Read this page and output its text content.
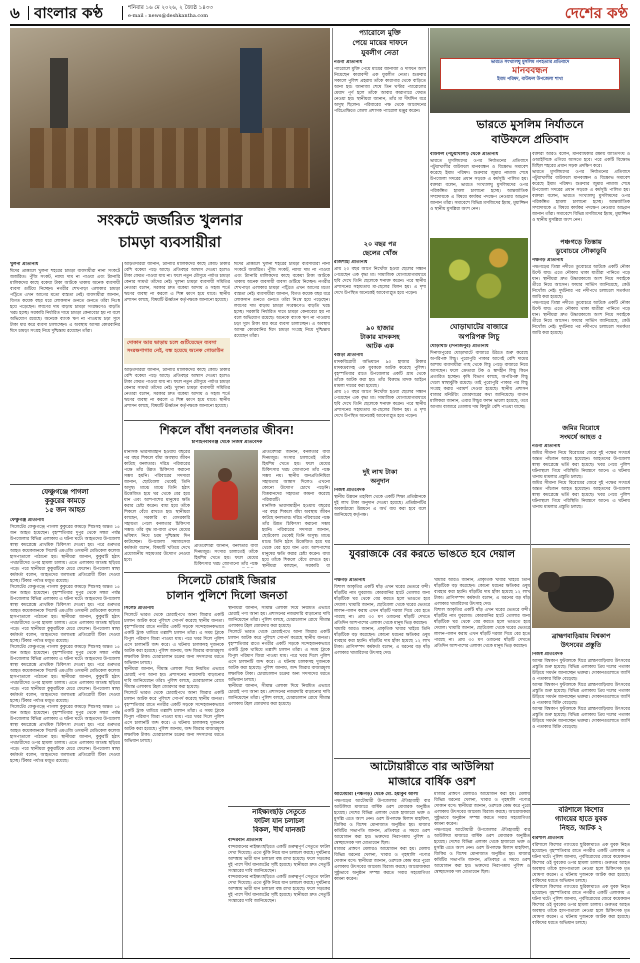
৬ বাংলার কণ্ঠ	শনিবার ১৬ মে ২০২৬, ২ জ্যৈষ্ঠ ১৪৩৩
e-mail : news@deshkantha.com	দেশের কণ্ঠ
সংকটে জর্জরিত খুলনার
চামড়া ব্যবসায়ীরা
খুলনা প্রতিনিধি
ঈদের প্রাক্কালে খুলনা শহরের চামড়া ব্যবসায়ীরা নানা সংকটে জর্জরিত। পুঁজি সংকট, ন্যায্য দাম না পাওয়া এবং ট্যানারি মালিকদের কাছে বকেয়া টাকা আটকে থাকায় অনেক ব্যবসায়ী ব্যবসা গুটিয়ে নিচ্ছেন। নগরীর শেখপাড়া এলাকার চামড়া পট্টিতে এখন আগের মতো ব্যস্ততা নেই। ব্যবসায়ীরা জানান, বিগত কয়েক বছর ধরে লোকসান গুনতে গুনতে তাঁরা নিঃস্ব হয়ে পড়েছেন। লবণের দাম বাড়ায় চামড়া সংরক্ষণেও বাড়তি খরচ হচ্ছে। সরকারি নির্ধারিত দামে চামড়া কেনাবেচা হয় না বলে অভিযোগ রয়েছে। অনেকে ব্যাংক ঋণ না পাওয়ায় চড়া সুদে টাকা ধার করে ব্যবসা চালাচ্ছেন। এ অবস্থায় আসন্ন কোরবানির ঈদে চামড়া সংগ্রহ নিয়ে দুশ্চিন্তায় রয়েছেন তাঁরা।
আড়তদাররা জানান, ট্যানারি মালিকদের কাছে কোটি টাকার বেশি বকেয়া পড়ে আছে। প্রতিবছর আশ্বাস দেওয়া হলেও টাকা ফেরত পাওয়া যায় না। ফলে নতুন মৌসুমে পর্যাপ্ত চামড়া কেনার সামর্থ্য তাঁদের নেই। খুলনা চামড়া ব্যবসায়ী সমিতির নেতারা বলেন, সরকার দ্রুত বকেয়া আদায় ও সহজ শর্তে ঋণের ব্যবস্থা না করলে এ শিল্প ধ্বংস হয়ে যাবে। স্থানীয় প্রশাসন বলছে, বিষয়টি ঊর্ধ্বতন কর্তৃপক্ষকে জানানো হয়েছে।
দোকান আর ভাড়ায় চলে গুটিয়েছেন ব্যবসা
সংরক্ষণাগার নেই, বন্ধ হয়েছে অনেক গোডাউন
আড়তদাররা জানান, ট্যানারি মালিকদের কাছে কোটি টাকার বেশি বকেয়া পড়ে আছে। প্রতিবছর আশ্বাস দেওয়া হলেও টাকা ফেরত পাওয়া যায় না। ফলে নতুন মৌসুমে পর্যাপ্ত চামড়া কেনার সামর্থ্য তাঁদের নেই। খুলনা চামড়া ব্যবসায়ী সমিতির নেতারা বলেন, সরকার দ্রুত বকেয়া আদায় ও সহজ শর্তে ঋণের ব্যবস্থা না করলে এ শিল্প ধ্বংস হয়ে যাবে। স্থানীয় প্রশাসন বলছে, বিষয়টি ঊর্ধ্বতন কর্তৃপক্ষকে জানানো হয়েছে।
ঈদের প্রাক্কালে খুলনা শহরের চামড়া ব্যবসায়ীরা নানা সংকটে জর্জরিত। পুঁজি সংকট, ন্যায্য দাম না পাওয়া এবং ট্যানারি মালিকদের কাছে বকেয়া টাকা আটকে থাকায় অনেক ব্যবসায়ী ব্যবসা গুটিয়ে নিচ্ছেন। নগরীর শেখপাড়া এলাকার চামড়া পট্টিতে এখন আগের মতো ব্যস্ততা নেই। ব্যবসায়ীরা জানান, বিগত কয়েক বছর ধরে লোকসান গুনতে গুনতে তাঁরা নিঃস্ব হয়ে পড়েছেন। লবণের দাম বাড়ায় চামড়া সংরক্ষণেও বাড়তি খরচ হচ্ছে। সরকারি নির্ধারিত দামে চামড়া কেনাবেচা হয় না বলে অভিযোগ রয়েছে। অনেকে ব্যাংক ঋণ না পাওয়ায় চড়া সুদে টাকা ধার করে ব্যবসা চালাচ্ছেন। এ অবস্থায় আসন্ন কোরবানির ঈদে চামড়া সংগ্রহ নিয়ে দুশ্চিন্তায় রয়েছেন তাঁরা।
প্যারোলে মুক্তি
পেয়ে মায়ের দাফনে
যুবলীগ নেতা
নওগাঁ প্রতিনিধি
প্যারোলে মুক্তি পেয়ে মায়ের জানাজা ও দাফনে অংশ নিয়েছেন কারাবন্দী এক যুবলীগ নেতা। শুক্রবার সকালে পুলিশ প্রহরায় তাঁকে কারাগার থেকে বাড়িতে আনা হয়। জানাজা শেষে তিন ঘণ্টার প্যারোলের মেয়াদ পূর্ণ হলে তাঁকে আবার কারাগারে ফেরত নেওয়া হয়। স্থানীয়রা জানান, তাঁর মা দীর্ঘদিন ধরে অসুস্থ ছিলেন। পরিবারের পক্ষ থেকে আবেদনের পরিপ্রেক্ষিতে জেলা প্রশাসক প্যারোল মঞ্জুর করেন।
ভারতে সংখ্যালঘু মুসলিম গণহত্যার প্রতিবাদে
মানববন্ধন
ইমাম পরিষদ, বাউফল উপজেলা শাখা
ভারতে মুসলিম নির্যাতনে
বাউফলে প্রতিবাদ
বাউফল (পটুয়াখালী) থেকে প্রতিনিধি
ভারতে মুসলিমদের ওপর নির্যাতনের প্রতিবাদে পটুয়াখালীর বাউফলে মানববন্ধন ও বিক্ষোভ সমাবেশ করেছে ইমাম পরিষদ। শুক্রবার জুমার নামাজ শেষে উপজেলা সদরের প্রধান সড়কে এ কর্মসূচি পালিত হয়। বক্তারা বলেন, ভারতে সংখ্যালঘু মুসলিমদের ওপর পরিকল্পিত হামলা চালানো হচ্ছে। আন্তর্জাতিক সম্প্রদায়কে এ বিষয়ে কার্যকর পদক্ষেপ নেওয়ার আহ্বান জানান তাঁরা। সমাবেশে বিভিন্ন মসজিদের ইমাম, মুয়াজ্জিন ও স্থানীয় মুসল্লিরা অংশ নেন।
বক্তারা আরও বলেন, মানবাধিকার রক্ষায় জাতিসংঘ ও ওআইসিকে এগিয়ে আসতে হবে। পরে একটি বিক্ষোভ মিছিল শহরের প্রধান সড়ক প্রদক্ষিণ করে।
ভারতে মুসলিমদের ওপর নির্যাতনের প্রতিবাদে পটুয়াখালীর বাউফলে মানববন্ধন ও বিক্ষোভ সমাবেশ করেছে ইমাম পরিষদ। শুক্রবার জুমার নামাজ শেষে উপজেলা সদরের প্রধান সড়কে এ কর্মসূচি পালিত হয়। বক্তারা বলেন, ভারতে সংখ্যালঘু মুসলিমদের ওপর পরিকল্পিত হামলা চালানো হচ্ছে। আন্তর্জাতিক সম্প্রদায়কে এ বিষয়ে কার্যকর পদক্ষেপ নেওয়ার আহ্বান জানান তাঁরা। সমাবেশে বিভিন্ন মসজিদের ইমাম, মুয়াজ্জিন ও স্থানীয় মুসল্লিরা অংশ নেন।
পঞ্চগড়ে তিস্তায়
ডুবোচরে নৌকাডুবি
পঞ্চগড় প্রতিনিধি
পঞ্চগড়ের তিস্তা নদীতে ডুবোচরে আটকে একটি নৌকা উল্টে যায়। এতে নৌকায় থাকা যাত্রীরা পানিতে পড়ে যান। স্থানীয়রা দ্রুত উদ্ধারকাজে অংশ নিয়ে সবাইকে তীরে নিয়ে আসেন। ফায়ার সার্ভিস জানিয়েছে, কেউ নিখোঁজ নেই। দুর্ঘটনার পর নদীপথে চলাচলে সতর্কতা জারি করা হয়েছে।
পঞ্চগড়ের তিস্তা নদীতে ডুবোচরে আটকে একটি নৌকা উল্টে যায়। এতে নৌকায় থাকা যাত্রীরা পানিতে পড়ে যান। স্থানীয়রা দ্রুত উদ্ধারকাজে অংশ নিয়ে সবাইকে তীরে নিয়ে আসেন। ফায়ার সার্ভিস জানিয়েছে, কেউ নিখোঁজ নেই। দুর্ঘটনার পর নদীপথে চলাচলে সতর্কতা জারি করা হয়েছে।
২০ বছর পর
ছেলের খোঁজ
রাজশাহী প্রতিনিধি
প্রায় ২০ বছর আগে নিখোঁজ হওয়া ছেলের সন্ধান পেয়েছেন এক বৃদ্ধা মা। সামাজিক যোগাযোগমাধ্যমে ছবি দেখে তিনি ছেলেকে শনাক্ত করেন। পরে স্থানীয় প্রশাসনের সহায়তায় মা-ছেলের মিলন হয়। এ দৃশ্য দেখে উপস্থিত অনেকেই আবেগাপ্লুত হয়ে পড়েন।
ঘোড়াঘাটের বাজারে
অপরিপক্ব লিচু
ঘোড়াঘাট (দিনাজপুর) প্রতিনিধি
দিনাজপুরের ঘোড়াঘাটে বাজারে উঠতে শুরু করেছে অপরিপক্ব লিচু। পুরোপুরি পাকার আগেই বেশি দামের আশায় ব্যবসায়ীরা গাছ থেকে লিচু পেড়ে বাজারে নিয়ে আসছেন। ফলে ক্রেতারা টক ও স্বাদহীন লিচু কিনে প্রতারিত হচ্ছেন। কৃষি বিভাগ বলছে, অপরিপক্ব লিচু খেলে স্বাস্থ্যঝুঁকি রয়েছে। তাই পুরোপুরি পাকার পর লিচু সংগ্রহ করার পরামর্শ দেওয়া হয়েছে। স্থানীয় প্রশাসন বাজার মনিটরিং জোরদারের কথা জানিয়েছে। বাগান মালিকরা জানান, এবার লিচুর ফলন ভালো হয়েছে, তবে আগাম বাজারে তোলায় দাম কিছুটা বেশি পাওয়া যাচ্ছে।
৯০ হাজার
টাকার মাদকসহ
আটক এক
বগুড়া প্রতিনিধি
মাদকবিরোধী অভিযানে ৯০ হাজার টাকার মাদকদ্রব্যসহ এক যুবককে আটক করেছে পুলিশ। বৃহস্পতিবার রাতে উপজেলার একটি গ্রাম থেকে তাঁকে আটক করা হয়। তাঁর বিরুদ্ধে মাদক আইনে মামলা দায়ের করা হয়েছে।
প্রায় ২০ বছর আগে নিখোঁজ হওয়া ছেলের সন্ধান পেয়েছেন এক বৃদ্ধা মা। সামাজিক যোগাযোগমাধ্যমে ছবি দেখে তিনি ছেলেকে শনাক্ত করেন। পরে স্থানীয় প্রশাসনের সহায়তায় মা-ছেলের মিলন হয়। এ দৃশ্য দেখে উপস্থিত অনেকেই আবেগাপ্লুত হয়ে পড়েন।
দুই লাখ টাকা
অনুদান
নিজস্ব প্রতিবেদক
স্থানীয় উন্নয়ন তহবিল থেকে একটি শিক্ষা প্রতিষ্ঠানকে দুই লাখ টাকা অনুদান দেওয়া হয়েছে। প্রতিষ্ঠানটির অবকাঠামো উন্নয়নে এ অর্থ ব্যয় করা হবে বলে জানিয়েছে কর্তৃপক্ষ।
জমির বিরোধে
সংঘর্ষে আহত ৫
নওগাঁ প্রতিনিধি
জমির সীমানা নিয়ে বিরোধের জেরে দুই পক্ষের সংঘর্ষে অন্তত পাঁচজন আহত হয়েছেন। আহতদের উপজেলা স্বাস্থ্য কমপ্লেক্সে ভর্তি করা হয়েছে। খবর পেয়ে পুলিশ ঘটনাস্থলে গিয়ে পরিস্থিতি নিয়ন্ত্রণে আনে। এ ঘটনায় থানায় মামলার প্রস্তুতি চলছে।
জমির সীমানা নিয়ে বিরোধের জেরে দুই পক্ষের সংঘর্ষে অন্তত পাঁচজন আহত হয়েছেন। আহতদের উপজেলা স্বাস্থ্য কমপ্লেক্সে ভর্তি করা হয়েছে। খবর পেয়ে পুলিশ ঘটনাস্থলে গিয়ে পরিস্থিতি নিয়ন্ত্রণে আনে। এ ঘটনায় থানায় মামলার প্রস্তুতি চলছে।
ফেঞ্চুগঞ্জে পাগলা
কুকুরের কামড়ে
১৫ জন আহত
ফেঞ্চুগঞ্জ প্রতিনিধি
সিলেটের ফেঞ্চুগঞ্জে পাগলা কুকুরের কামড়ে শিশুসহ অন্তত ১৫ জন আহত হয়েছেন। বৃহস্পতিবার দুপুর থেকে সন্ধ্যা পর্যন্ত উপজেলার বিভিন্ন এলাকায় এ ঘটনা ঘটে। আহতদের উপজেলা স্বাস্থ্য কমপ্লেক্সে প্রাথমিক চিকিৎসা দেওয়া হয়। পরে গুরুতর আহত কয়েকজনকে সিলেট এমএজি ওসমানী মেডিকেল কলেজ হাসপাতালে পাঠানো হয়। স্থানীয়রা জানান, কুকুরটি হঠাৎ পথচারীদের ওপর হামলা চালায়। এতে এলাকায় আতঙ্ক ছড়িয়ে পড়ে। পরে স্থানীয়রা কুকুরটিকে মেরে ফেলেন। উপজেলা স্বাস্থ্য কর্মকর্তা বলেন, আহতদের জলাতঙ্ক প্রতিরোধী টিকা দেওয়া হচ্ছে। টিকার পর্যাপ্ত মজুত রয়েছে।
সিলেটের ফেঞ্চুগঞ্জে পাগলা কুকুরের কামড়ে শিশুসহ অন্তত ১৫ জন আহত হয়েছেন। বৃহস্পতিবার দুপুর থেকে সন্ধ্যা পর্যন্ত উপজেলার বিভিন্ন এলাকায় এ ঘটনা ঘটে। আহতদের উপজেলা স্বাস্থ্য কমপ্লেক্সে প্রাথমিক চিকিৎসা দেওয়া হয়। পরে গুরুতর আহত কয়েকজনকে সিলেট এমএজি ওসমানী মেডিকেল কলেজ হাসপাতালে পাঠানো হয়। স্থানীয়রা জানান, কুকুরটি হঠাৎ পথচারীদের ওপর হামলা চালায়। এতে এলাকায় আতঙ্ক ছড়িয়ে পড়ে। পরে স্থানীয়রা কুকুরটিকে মেরে ফেলেন। উপজেলা স্বাস্থ্য কর্মকর্তা বলেন, আহতদের জলাতঙ্ক প্রতিরোধী টিকা দেওয়া হচ্ছে। টিকার পর্যাপ্ত মজুত রয়েছে।
সিলেটের ফেঞ্চুগঞ্জে পাগলা কুকুরের কামড়ে শিশুসহ অন্তত ১৫ জন আহত হয়েছেন। বৃহস্পতিবার দুপুর থেকে সন্ধ্যা পর্যন্ত উপজেলার বিভিন্ন এলাকায় এ ঘটনা ঘটে। আহতদের উপজেলা স্বাস্থ্য কমপ্লেক্সে প্রাথমিক চিকিৎসা দেওয়া হয়। পরে গুরুতর আহত কয়েকজনকে সিলেট এমএজি ওসমানী মেডিকেল কলেজ হাসপাতালে পাঠানো হয়। স্থানীয়রা জানান, কুকুরটি হঠাৎ পথচারীদের ওপর হামলা চালায়। এতে এলাকায় আতঙ্ক ছড়িয়ে পড়ে। পরে স্থানীয়রা কুকুরটিকে মেরে ফেলেন। উপজেলা স্বাস্থ্য কর্মকর্তা বলেন, আহতদের জলাতঙ্ক প্রতিরোধী টিকা দেওয়া হচ্ছে। টিকার পর্যাপ্ত মজুত রয়েছে।
সিলেটের ফেঞ্চুগঞ্জে পাগলা কুকুরের কামড়ে শিশুসহ অন্তত ১৫ জন আহত হয়েছেন। বৃহস্পতিবার দুপুর থেকে সন্ধ্যা পর্যন্ত উপজেলার বিভিন্ন এলাকায় এ ঘটনা ঘটে। আহতদের উপজেলা স্বাস্থ্য কমপ্লেক্সে প্রাথমিক চিকিৎসা দেওয়া হয়। পরে গুরুতর আহত কয়েকজনকে সিলেট এমএজি ওসমানী মেডিকেল কলেজ হাসপাতালে পাঠানো হয়। স্থানীয়রা জানান, কুকুরটি হঠাৎ পথচারীদের ওপর হামলা চালায়। এতে এলাকায় আতঙ্ক ছড়িয়ে পড়ে। পরে স্থানীয়রা কুকুরটিকে মেরে ফেলেন। উপজেলা স্বাস্থ্য কর্মকর্তা বলেন, আহতদের জলাতঙ্ক প্রতিরোধী টিকা দেওয়া হচ্ছে। টিকার পর্যাপ্ত মজুত রয়েছে।
শিকলে বাঁধা বনলতার জীবন!
চাঁপাইনবাবগঞ্জ থেকে নিজস্ব প্রতিবেদক
মানসিক ভারসাম্যহীন হওয়ায় বছরের পর বছর শিকলে বাঁধা অবস্থায় জীবন কাটছে বনলতার। দরিদ্র পরিবারের পক্ষে তাঁর উন্নত চিকিৎসা করানো সম্ভব হয়নি। পরিবারের সদস্যরা জানান, ছোটবেলা থেকেই তিনি অসুস্থ। মাঝে মাঝে তিনি হঠাৎ উত্তেজিত হয়ে ঘর থেকে বের হয়ে যান এবং আশপাশের মানুষের ক্ষতি করার চেষ্টা করেন। বাধ্য হয়ে তাঁকে শিকলে বেঁধে রাখতে হয়। স্থানীয়রা বলছেন, সরকারি বা বেসরকারি সহায়তা পেলে বনলতার চিকিৎসা সম্ভব। তাঁর বৃদ্ধ মা-বাবা এখন মেয়ের ভবিষ্যৎ নিয়ে চরম দুশ্চিন্তায় দিন কাটাচ্ছেন। উপজেলা সমাজসেবা কর্মকর্তা বলেন, বিষয়টি খতিয়ে দেখে প্রয়োজনীয় সহায়তার উদ্যোগ নেওয়া হবে।
প্রতিবেশীরা জানান, বনলতার বাবা দিনমজুর। সংসার চালাতেই তাঁকে হিমশিম খেতে হয়। ফলে মেয়ের চিকিৎসার খরচ জোগানো তাঁর পক্ষে সম্ভব নয়। স্থানীয় জনপ্রতিনিধিরা সহায়তার আশ্বাস দিলেও এখনো কোনো উদ্যোগ চোখে পড়েনি। বিত্তবানদের সহায়তা কামনা করেছে পরিবারটি।
মানসিক ভারসাম্যহীন হওয়ায় বছরের পর বছর শিকলে বাঁধা অবস্থায় জীবন কাটছে বনলতার। দরিদ্র পরিবারের পক্ষে তাঁর উন্নত চিকিৎসা করানো সম্ভব হয়নি। পরিবারের সদস্যরা জানান, ছোটবেলা থেকেই তিনি অসুস্থ। মাঝে মাঝে তিনি হঠাৎ উত্তেজিত হয়ে ঘর থেকে বের হয়ে যান এবং আশপাশের মানুষের ক্ষতি করার চেষ্টা করেন। বাধ্য হয়ে তাঁকে শিকলে বেঁধে রাখতে হয়। স্থানীয়রা বলছেন, সরকারি বা
প্রতিবেশীরা জানান, বনলতার বাবা দিনমজুর। সংসার চালাতেই তাঁকে হিমশিম খেতে হয়। ফলে মেয়ের চিকিৎসার খরচ জোগানো তাঁর পক্ষে
সিলেটে চোরাই জিরার
চালান পুলিশে দিলো জনতা
সিলেট প্রতিনিধি
সিলেটে ভারত থেকে চোরাইপথে আনা জিরার একটি চালান আটক করে পুলিশে সোপর্দ করেছে স্থানীয় জনতা। বৃহস্পতিবার রাতে নগরীর একটি সড়কে সন্দেহজনকভাবে একটি ট্রাক থামিয়ে তল্লাশি চালান তাঁরা। এ সময় ট্রাকে বিপুল পরিমাণ জিরা পাওয়া যায়। পরে খবর দিলে পুলিশ এসে চালানটি জব্দ করে। এ ঘটনায় চালকসহ দুজনকে আটক করা হয়েছে। পুলিশ জানায়, জব্দ জিরার বাজারমূল্য লক্ষাধিক টাকা। চোরাচালান চক্রের অন্য সদস্যদের ধরতে অভিযান চলছে।
স্থানীয়রা জানান, সীমান্ত এলাকা দিয়ে নিয়মিত এভাবে চোরাই পণ্য আনা হয়। প্রশাসনের নজরদারি বাড়ানোর দাবি জানিয়েছেন তাঁরা। পুলিশ বলছে, চোরাচালান রোধে সীমান্ত এলাকায় টহল জোরদার করা হয়েছে।
সিলেটে ভারত থেকে চোরাইপথে আনা জিরার একটি চালান আটক করে পুলিশে সোপর্দ করেছে স্থানীয় জনতা। বৃহস্পতিবার রাতে নগরীর একটি সড়কে সন্দেহজনকভাবে একটি ট্রাক থামিয়ে তল্লাশি চালান তাঁরা। এ সময় ট্রাকে বিপুল পরিমাণ জিরা পাওয়া যায়। পরে খবর দিলে পুলিশ এসে চালানটি জব্দ করে। এ ঘটনায় চালকসহ দুজনকে আটক করা হয়েছে। পুলিশ জানায়, জব্দ জিরার বাজারমূল্য লক্ষাধিক টাকা। চোরাচালান চক্রের অন্য সদস্যদের ধরতে অভিযান চলছে।
স্থানীয়রা জানান, সীমান্ত এলাকা দিয়ে নিয়মিত এভাবে চোরাই পণ্য আনা হয়। প্রশাসনের নজরদারি বাড়ানোর দাবি জানিয়েছেন তাঁরা। পুলিশ বলছে, চোরাচালান রোধে সীমান্ত এলাকায় টহল জোরদার করা হয়েছে।
সিলেটে ভারত থেকে চোরাইপথে আনা জিরার একটি চালান আটক করে পুলিশে সোপর্দ করেছে স্থানীয় জনতা। বৃহস্পতিবার রাতে নগরীর একটি সড়কে সন্দেহজনকভাবে একটি ট্রাক থামিয়ে তল্লাশি চালান তাঁরা। এ সময় ট্রাকে বিপুল পরিমাণ জিরা পাওয়া যায়। পরে খবর দিলে পুলিশ এসে চালানটি জব্দ করে। এ ঘটনায় চালকসহ দুজনকে আটক করা হয়েছে। পুলিশ জানায়, জব্দ জিরার বাজারমূল্য লক্ষাধিক টাকা। চোরাচালান চক্রের অন্য সদস্যদের ধরতে অভিযান চলছে।
স্থানীয়রা জানান, সীমান্ত এলাকা দিয়ে নিয়মিত এভাবে চোরাই পণ্য আনা হয়। প্রশাসনের নজরদারি বাড়ানোর দাবি জানিয়েছেন তাঁরা। পুলিশ বলছে, চোরাচালান রোধে সীমান্ত এলাকায় টহল জোরদার করা হয়েছে।
নাইক্ষ্যংছড়ি সেতুতে
ফাটল যান চলাচল
বিকল, দীর্ঘ যানজট
বান্দরবান প্রতিনিধি
বান্দরবানের নাইক্ষ্যংছড়িতে একটি গুরুত্বপূর্ণ সেতুতে ফাটল দেখা দিয়েছে। এতে ঝুঁকি নিয়ে যান চলাচল করছে। দুর্ঘটনার আশঙ্কায় ভারী যান চলাচল বন্ধ রাখা হয়েছে। ফলে সড়কের দুই পাশে দীর্ঘ যানজটের সৃষ্টি হয়েছে। স্থানীয়রা দ্রুত সেতুটি সংস্কারের দাবি জানিয়েছেন।
বান্দরবানের নাইক্ষ্যংছড়িতে একটি গুরুত্বপূর্ণ সেতুতে ফাটল দেখা দিয়েছে। এতে ঝুঁকি নিয়ে যান চলাচল করছে। দুর্ঘটনার আশঙ্কায় ভারী যান চলাচল বন্ধ রাখা হয়েছে। ফলে সড়কের দুই পাশে দীর্ঘ যানজটের সৃষ্টি হয়েছে। স্থানীয়রা দ্রুত সেতুটি সংস্কারের দাবি জানিয়েছেন।
যুবরাজকে বের করতে ভাঙতে হবে দেয়াল
পঞ্চগড় প্রতিনিধি
বিশাল আকৃতির একটি ষাঁড় এখন ঘরের ভেতরে বন্দী। ষাঁড়টির নাম যুবরাজ। কোরবানির হাটে তোলার জন্য ষাঁড়টিকে ঘর থেকে বের করতে হলে ভাঙতে হবে দেয়াল। খামারি জানান, ছোটবেলা থেকে ঘরের ভেতরে লালন-পালন করায় এখন ষাঁড়টি দরজা দিয়ে বের হতে পারছে না। প্রায় ৩০ মণ ওজনের ষাঁড়টি দেখতে প্রতিদিন আশপাশের এলাকা থেকে মানুষ ভিড় করছেন।
খামারি আরও জানান, প্রাকৃতিক খাবার খাইয়ে তিনি ষাঁড়টিকে বড় করেছেন। কোনো ধরনের ক্ষতিকর ওষুধ ব্যবহার করা হয়নি। ষাঁড়টির দাম হাঁকা হয়েছে ১২ লাখ টাকা। প্রাণিসম্পদ কর্মকর্তা বলেন, এ ধরনের বড় ষাঁড় এলাকার খামারিদের উৎসাহ দেয়।
খামারি আরও জানান, প্রাকৃতিক খাবার খাইয়ে তিনি ষাঁড়টিকে বড় করেছেন। কোনো ধরনের ক্ষতিকর ওষুধ ব্যবহার করা হয়নি। ষাঁড়টির দাম হাঁকা হয়েছে ১২ লাখ টাকা। প্রাণিসম্পদ কর্মকর্তা বলেন, এ ধরনের বড় ষাঁড় এলাকার খামারিদের উৎসাহ দেয়।
বিশাল আকৃতির একটি ষাঁড় এখন ঘরের ভেতরে বন্দী। ষাঁড়টির নাম যুবরাজ। কোরবানির হাটে তোলার জন্য ষাঁড়টিকে ঘর থেকে বের করতে হলে ভাঙতে হবে দেয়াল। খামারি জানান, ছোটবেলা থেকে ঘরের ভেতরে লালন-পালন করায় এখন ষাঁড়টি দরজা দিয়ে বের হতে পারছে না। প্রায় ৩০ মণ ওজনের ষাঁড়টি দেখতে প্রতিদিন আশপাশের এলাকা থেকে মানুষ ভিড় করছেন।
ব্রাহ্মণবাড়িয়ায় বিশ্বকাপ
উৎসবের প্রস্তুতি
নিজস্ব প্রতিবেদক
আসন্ন বিশ্বকাপ ফুটবলকে ঘিরে ব্রাহ্মণবাড়িয়ায় উৎসবের প্রস্তুতি শুরু হয়েছে। বিভিন্ন এলাকায় প্রিয় দলের পতাকা উড়িয়ে সমর্থন জানাচ্ছেন ভক্তরা। দোকানগুলোতে জার্সি ও পতাকার বিক্রি বেড়েছে।
আসন্ন বিশ্বকাপ ফুটবলকে ঘিরে ব্রাহ্মণবাড়িয়ায় উৎসবের প্রস্তুতি শুরু হয়েছে। বিভিন্ন এলাকায় প্রিয় দলের পতাকা উড়িয়ে সমর্থন জানাচ্ছেন ভক্তরা। দোকানগুলোতে জার্সি ও পতাকার বিক্রি বেড়েছে।
আসন্ন বিশ্বকাপ ফুটবলকে ঘিরে ব্রাহ্মণবাড়িয়ায় উৎসবের প্রস্তুতি শুরু হয়েছে। বিভিন্ন এলাকায় প্রিয় দলের পতাকা উড়িয়ে সমর্থন জানাচ্ছেন ভক্তরা। দোকানগুলোতে জার্সি ও পতাকার বিক্রি বেড়েছে।
আটোয়ারীতে বার আউলিয়া
মাজারে বার্ষিক ওরশ
আটোয়ারী (পঞ্চগড়) থেকে মো. ইয়াকুব আলী
পঞ্চগড়ের আটোয়ারী উপজেলার ঐতিহ্যবাহী বার আউলিয়া মাজারে বার্ষিক ওরশ মোবারক অনুষ্ঠিত হয়েছে। দেশের বিভিন্ন এলাকা থেকে হাজারো ভক্ত ও মুসল্লি এতে অংশ নেন। ওরশ উপলক্ষে মিলাদ মাহফিল, জিকির ও বিশেষ মোনাজাত অনুষ্ঠিত হয়। মাজার কমিটির সভাপতি জানান, প্রতিবছর এ সময়ে ওরশ আয়োজন করা হয়। ভক্তদের নিরাপত্তায় পুলিশ ও স্বেচ্ছাসেবক দল মোতায়েন ছিল।
মাজার প্রাঙ্গণে মেলারও আয়োজন করা হয়। মেলায় বিভিন্ন ধরনের খেলনা, খাবার ও গৃহস্থালি পণ্যের দোকান বসে। স্থানীয়রা জানান, ওরশকে কেন্দ্র করে পুরো এলাকায় উৎসবের আমেজ বিরাজ করছে। আয়োজকরা সুষ্ঠুভাবে অনুষ্ঠান সম্পন্ন করতে সবার সহযোগিতা কামনা করেন।
মাজার প্রাঙ্গণে মেলারও আয়োজন করা হয়। মেলায় বিভিন্ন ধরনের খেলনা, খাবার ও গৃহস্থালি পণ্যের দোকান বসে। স্থানীয়রা জানান, ওরশকে কেন্দ্র করে পুরো এলাকায় উৎসবের আমেজ বিরাজ করছে। আয়োজকরা সুষ্ঠুভাবে অনুষ্ঠান সম্পন্ন করতে সবার সহযোগিতা কামনা করেন।
পঞ্চগড়ের আটোয়ারী উপজেলার ঐতিহ্যবাহী বার আউলিয়া মাজারে বার্ষিক ওরশ মোবারক অনুষ্ঠিত হয়েছে। দেশের বিভিন্ন এলাকা থেকে হাজারো ভক্ত ও মুসল্লি এতে অংশ নেন। ওরশ উপলক্ষে মিলাদ মাহফিল, জিকির ও বিশেষ মোনাজাত অনুষ্ঠিত হয়। মাজার কমিটির সভাপতি জানান, প্রতিবছর এ সময়ে ওরশ আয়োজন করা হয়। ভক্তদের নিরাপত্তায় পুলিশ ও স্বেচ্ছাসেবক দল মোতায়েন ছিল।
বরিশালে কিশোর
গ্যাংয়ের হাতে যুবক
নিহত, আটক ২
বরিশাল প্রতিনিধি
বরিশালে কিশোর গ্যাংয়ের ছুরিকাঘাতে এক যুবক নিহত হয়েছেন। বৃহস্পতিবার রাতে নগরীর একটি এলাকায় এ ঘটনা ঘটে। পুলিশ জানায়, পূর্ববিরোধের জেরে কয়েকজন কিশোর ওই যুবকের ওপর হামলা চালায়। গুরুতর আহত অবস্থায় তাঁকে হাসপাতালে নেওয়া হলে চিকিৎসক মৃত ঘোষণা করেন। এ ঘটনায় দুজনকে আটক করা হয়েছে। বাকিদের ধরতে অভিযান চলছে।
বরিশালে কিশোর গ্যাংয়ের ছুরিকাঘাতে এক যুবক নিহত হয়েছেন। বৃহস্পতিবার রাতে নগরীর একটি এলাকায় এ ঘটনা ঘটে। পুলিশ জানায়, পূর্ববিরোধের জেরে কয়েকজন কিশোর ওই যুবকের ওপর হামলা চালায়। গুরুতর আহত অবস্থায় তাঁকে হাসপাতালে নেওয়া হলে চিকিৎসক মৃত ঘোষণা করেন। এ ঘটনায় দুজনকে আটক করা হয়েছে। বাকিদের ধরতে অভিযান চলছে।
